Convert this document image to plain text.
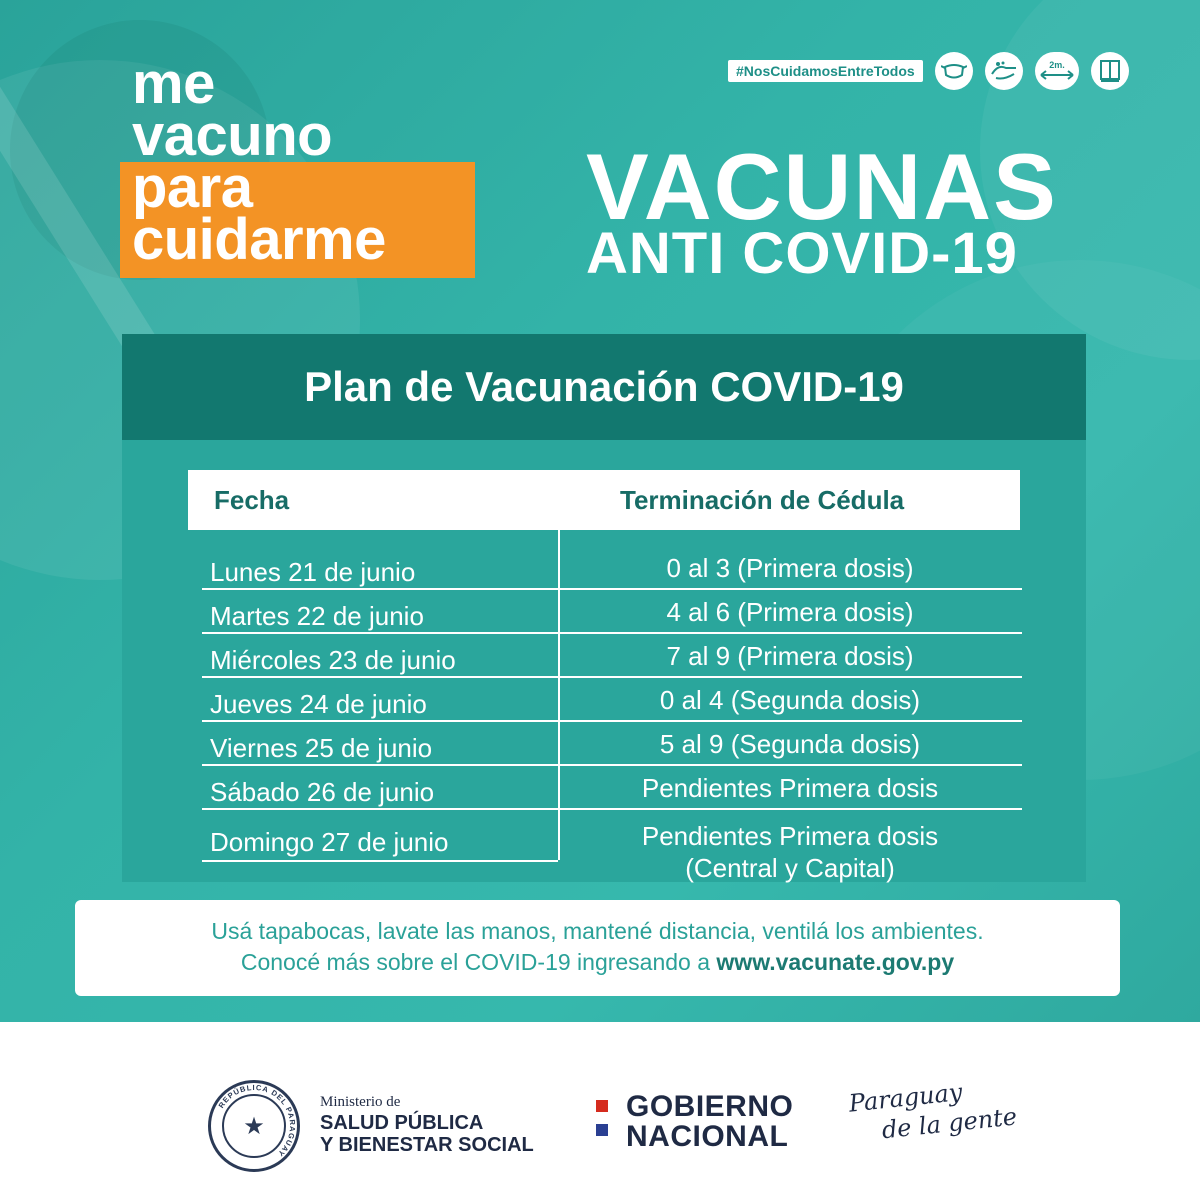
me
vacuno
para
cuidarme
#NosCuidamosEntreTodos	2m.
VACUNAS
ANTI COVID-19
Plan de Vacunación COVID-19
Fecha	Terminación de Cédula
Lunes 21 de junio	0 al 3 (Primera dosis)
Martes 22 de junio	4 al 6 (Primera dosis)
Miércoles 23 de junio	7 al 9 (Primera dosis)
Jueves 24 de junio	0 al 4 (Segunda dosis)
Viernes 25 de junio	5 al 9 (Segunda dosis)
Sábado 26 de junio	Pendientes Primera dosis
Domingo 27 de junio	Pendientes Primera dosis
(Central y Capital)
Usá tapabocas, lavate las manos, mantené distancia, ventilá los ambientes.
Conocé más sobre el COVID-19 ingresando a www.vacunate.gov.py
REPÚBLICA DEL PARAGUAY
★
Ministerio de
SALUD PÚBLICA
Y BIENESTAR SOCIAL
GOBIERNO
NACIONAL
Paraguay
de la gente
